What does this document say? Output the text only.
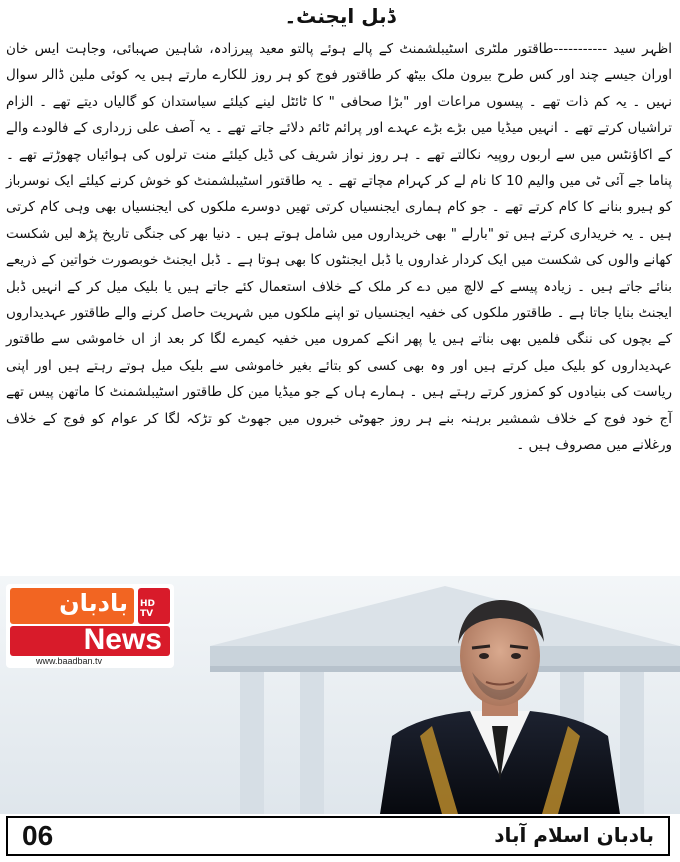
ڈبل ایجنٹ۔

اظہر سید -----------طاقتور ملٹری اسٹیبلشمنٹ کے پالے ہوئے پالتو معید پیرزادہ، شاہین صہبائی، وجاہت ایس خان اوران جیسے چند اور کس طرح بیرون ملک بیٹھ کر طاقتور فوج کو ہر روز للکارے مارتے ہیں یہ کوئی ملین ڈالر سوال نہیں ۔ یہ کم ذات تھے ۔ پیسوں مراعات اور "بڑا صحافی " کا ٹائٹل لینے کیلئے سیاستدان کو گالیاں دیتے تھے ۔ الزام تراشیاں کرتے تھے ۔ انہیں میڈیا میں بڑے بڑے عہدے اور پرائم ٹائم دلائے جاتے تھے ۔ یہ آصف علی زرداری کے فالودے والے کے اکاؤنٹس میں سے اربوں روپیہ نکالتے تھے ۔ ہر روز نواز شریف کی ڈیل کیلئے منت ترلوں کی ہوائیاں چھوڑتے تھے ۔ پناما جے آئی ٹی میں والیم 10 کا نام لے کر کہرام مچاتے تھے ۔ یہ طاقتور اسٹیبلشمنٹ کو خوش کرنے کیلئے ایک نوسرباز کو ہیرو بنانے کا کام کرتے تھے ۔ جو کام ہماری ایجنسیاں کرتی تھیں دوسرے ملکوں کی ایجنسیاں بھی وہی کام کرتی ہیں ۔ یہ خریداری کرتے ہیں تو "بارلے " بھی خریداروں میں شامل ہوتے ہیں ۔ دنیا بھر کی جنگی تاریخ پڑھ لیں شکست کھانے والوں کی شکست میں ایک کردار غداروں یا ڈبل ایجنٹوں کا بھی ہوتا ہے ۔ ڈبل ایجنٹ خوبصورت خواتین کے ذریعے بنائے جاتے ہیں ۔ زیادہ پیسے کے لالچ میں دے کر ملک کے خلاف استعمال کئے جاتے ہیں یا بلیک میل کر کے انہیں ڈبل ایجنٹ بنایا جاتا ہے ۔ طاقتور ملکوں کی خفیہ ایجنسیاں تو اپنے ملکوں میں شہریت حاصل کرنے والے طاقتور عہدیداروں کے بچوں کی ننگی فلمیں بھی بناتے ہیں یا پھر انکے کمروں میں خفیہ کیمرے لگا کر بعد از اں خاموشی سے طاقتور عہدیداروں کو بلیک میل کرتے ہیں اور وہ بھی کسی کو بتائے بغیر خاموشی سے بلیک میل ہوتے رہتے ہیں اور اپنی ریاست کی بنیادوں کو کمزور کرتے رہتے ہیں ۔ ہمارے ہاں کے جو میڈیا مین کل طاقتور اسٹیبلشمنٹ کا ماتھن پیس تھے آج خود فوج کے خلاف شمشیر برہنہ بنے ہر روز جھوٹی خبروں میں جھوٹ کو تڑکہ لگا کر عوام کو فوج کے خلاف ورغلانے میں مصروف ہیں ۔

بادبان HD TV
News
www.baadban.tv
06	بادبان اسلام آباد
